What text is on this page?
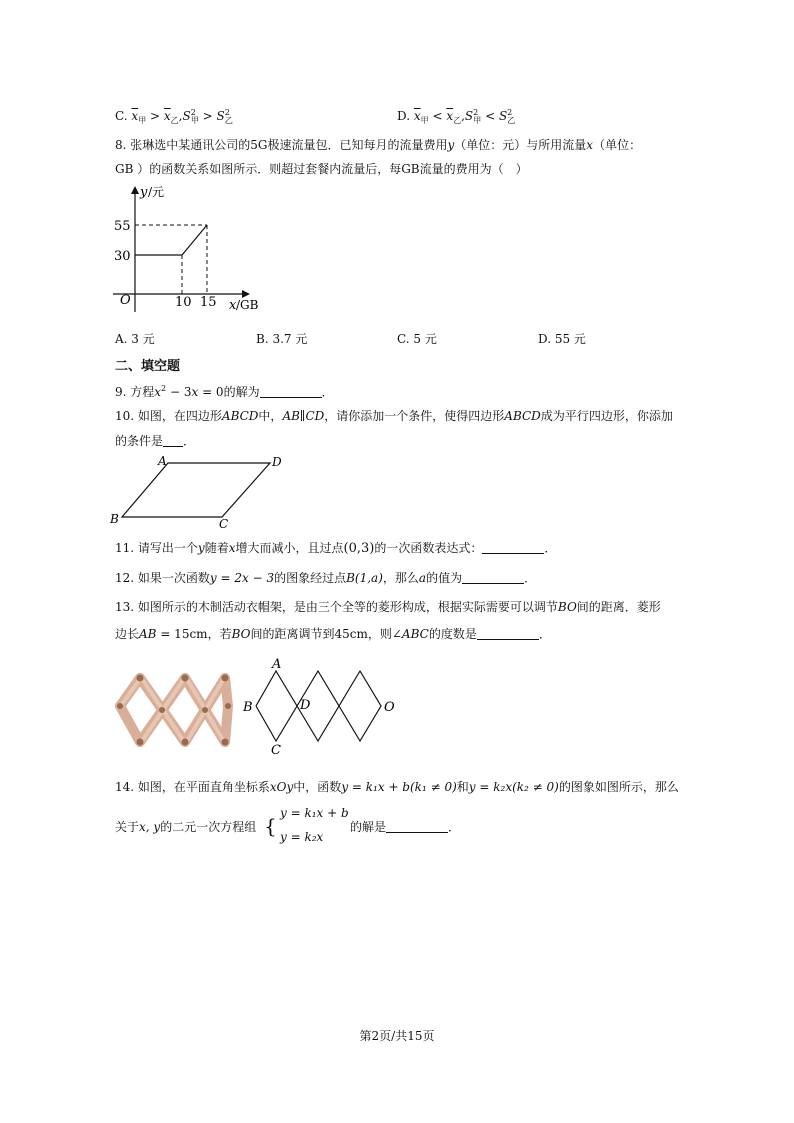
C. $\overline{x}_甲 > \overline{x}_乙,S^2_甲 > S^2_乙$	D. $\overline{x}_甲 < \overline{x}_乙,S^2_甲 < S^2_乙$
8. 张琳选中某通讯公司的5G极速流量包．已知每月的流量费用y（单位：元）与所用流量x（单位：
GB ）的函数关系如图所示．则超过套餐内流量后，每GB流量的费用为（　）
y /元
55
30
O	10 15 x /GB
A. 3 元	B. 3.7 元	C. 5 元	D. 55 元
二、填空题
9. 方程$x^2 - 3x = 0$的解为	．
10. 如图，在四边形ABCD中，AB∥CD，请你添加一个条件，使得四边形ABCD成为平行四边形，你添加
的条件是 ．
A	D
B	C
11. 请写出一个y随着x增大而减小，且过点(0,3)的一次函数表达式：	．
12. 如果一次函数y = 2x − 3的图象经过点B(1,a)，那么a的值为	．
13. 如图所示的木制活动衣帽架，是由三个全等的菱形构成，根据实际需要可以调节BO间的距离．菱形
边长AB = 15cm，若BO间的距离调节到45cm，则∠ABC的度数是	．
A
B	D
C
O
14. 如图，在平面直角坐标系xOy中，函数y = k₁x + b(k₁ ≠ 0)和y = k₂x(k₂ ≠ 0)的图象如图所示，那么
关于x, y的二元一次方程组 {
y = k₁x + b
y = k₂x
的解是	．
第2页/共15页
